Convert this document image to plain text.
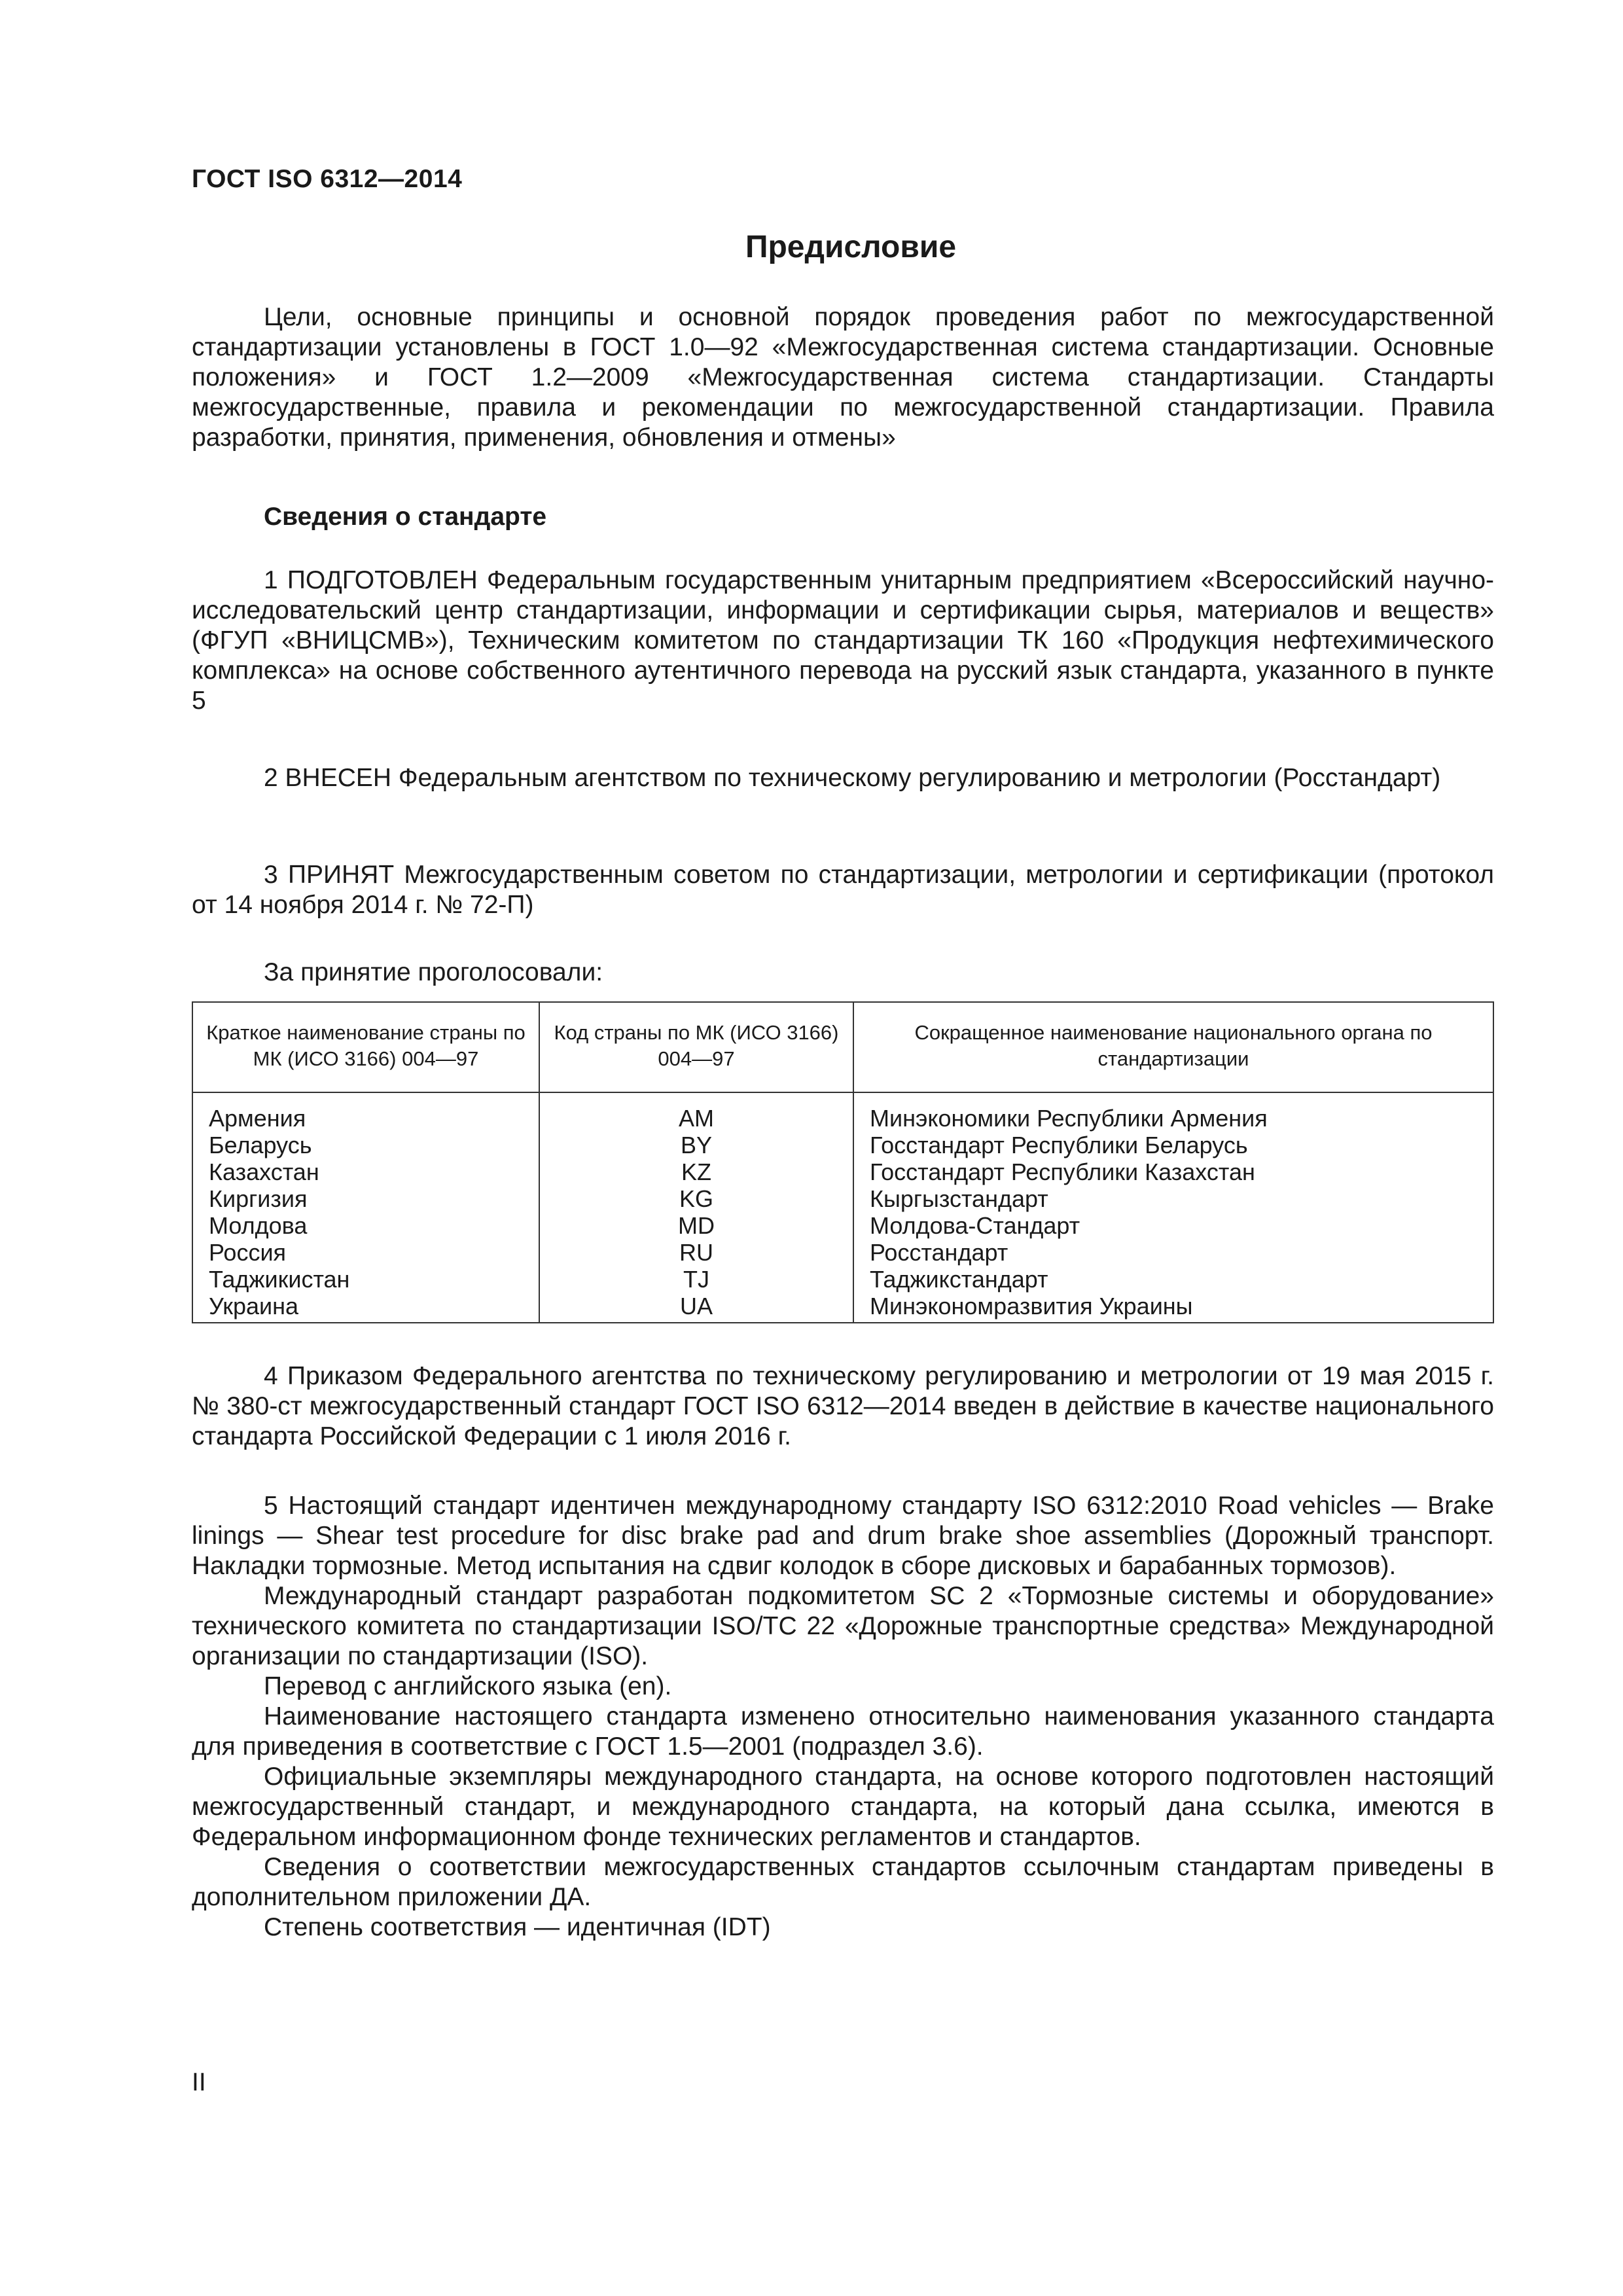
ГОСТ ISO 6312—2014
Предисловие

Цели, основные принципы и основной порядок проведения работ по межгосударственной стандартизации установлены в ГОСТ 1.0—92 «Межгосударственная система стандартизации. Основные положения» и ГОСТ 1.2—2009 «Межгосударственная система стандартизации. Стандарты межгосударственные, правила и рекомендации по межгосударственной стандартизации. Правила разработки, принятия, применения, обновления и отмены»

Сведения о стандарте

1 ПОДГОТОВЛЕН Федеральным государственным унитарным предприятием «Всероссийский научно-исследовательский центр стандартизации, информации и сертификации сырья, материалов и веществ» (ФГУП «ВНИЦСМВ»), Техническим комитетом по стандартизации ТК 160 «Продукция нефтехимического комплекса» на основе собственного аутентичного перевода на русский язык стандарта, указанного в пункте 5

2 ВНЕСЕН Федеральным агентством по техническому регулированию и метрологии (Росстандарт)

3 ПРИНЯТ Межгосударственным советом по стандартизации, метрологии и сертификации (протокол от 14 ноября 2014 г. № 72-П)

За принятие проголосовали:
Краткое наименование страны по МК (ИСО 3166) 004—97	Код страны по МК (ИСО 3166) 004—97	Сокращенное наименование национального органа по стандартизации
Армения	AM	Минэкономики Республики Армения
Беларусь	BY	Госстандарт Республики Беларусь
Казахстан	KZ	Госстандарт Республики Казахстан
Киргизия	KG	Кыргызстандарт
Молдова	MD	Молдова-Стандарт
Россия	RU	Росстандарт
Таджикистан	TJ	Таджикстандарт
Украина	UA	Минэкономразвития Украины

4 Приказом Федерального агентства по техническому регулированию и метрологии от 19 мая 2015 г. № 380-ст межгосударственный стандарт ГОСТ ISO 6312—2014 введен в действие в качестве национального стандарта Российской Федерации с 1 июля 2016 г.

5 Настоящий стандарт идентичен международному стандарту ISO 6312:2010 Road vehicles — Brake linings — Shear test procedure for disc brake pad and drum brake shoe assemblies (Дорожный транспорт. Накладки тормозные. Метод испытания на сдвиг колодок в сборе дисковых и барабанных тормозов).

Международный стандарт разработан подкомитетом SC 2 «Тормозные системы и оборудование» технического комитета по стандартизации ISO/TC 22 «Дорожные транспортные средства» Международной организации по стандартизации (ISO).

Перевод с английского языка (en).

Наименование настоящего стандарта изменено относительно наименования указанного стандарта для приведения в соответствие с ГОСТ 1.5—2001 (подраздел 3.6).

Официальные экземпляры международного стандарта, на основе которого подготовлен настоящий межгосударственный стандарт, и международного стандарта, на который дана ссылка, имеются в Федеральном информационном фонде технических регламентов и стандартов.

Сведения о соответствии межгосударственных стандартов ссылочным стандартам приведены в дополнительном приложении ДА.

Степень соответствия — идентичная (IDT)

II
